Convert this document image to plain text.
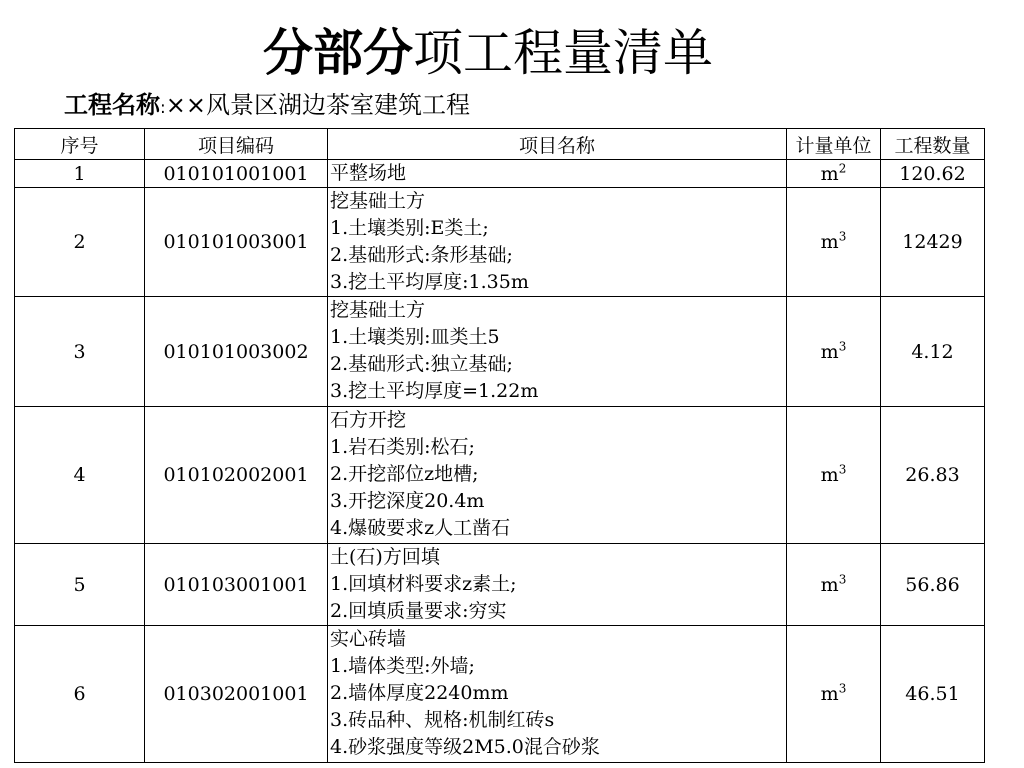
分部分项工程量清单
工程名称:××风景区湖边茶室建筑工程
序号	项目编码	项目名称	计量单位	工程数量
1	010101001001	平整场地	$m^2$	120.62
2	010101003001	挖基础土方
1.土壤类别:E类土;
2.基础形式:条形基础;
3.挖土平均厚度:1.35m	$m^3$	12429
3	010101003002	挖基础土方
1.土壤类别:皿类土5
2.基础形式:独立基础;
3.挖土平均厚度=1.22m	$m^3$	4.12
4	010102002001	石方开挖
1.岩石类别:松石;
2.开挖部位z地槽;
3.开挖深度20.4m
4.爆破要求z人工凿石	$m^3$	26.83
5	010103001001	土(石)方回填
1.回填材料要求z素土;
2.回填质量要求:穷实	$m^3$	56.86
6	010302001001	实心砖墙
1.墙体类型:外墙;
2.墙体厚度2240mm
3.砖品种、规格:机制红砖s
4.砂浆强度等级2M5.0混合砂浆	$m^3$	46.51
